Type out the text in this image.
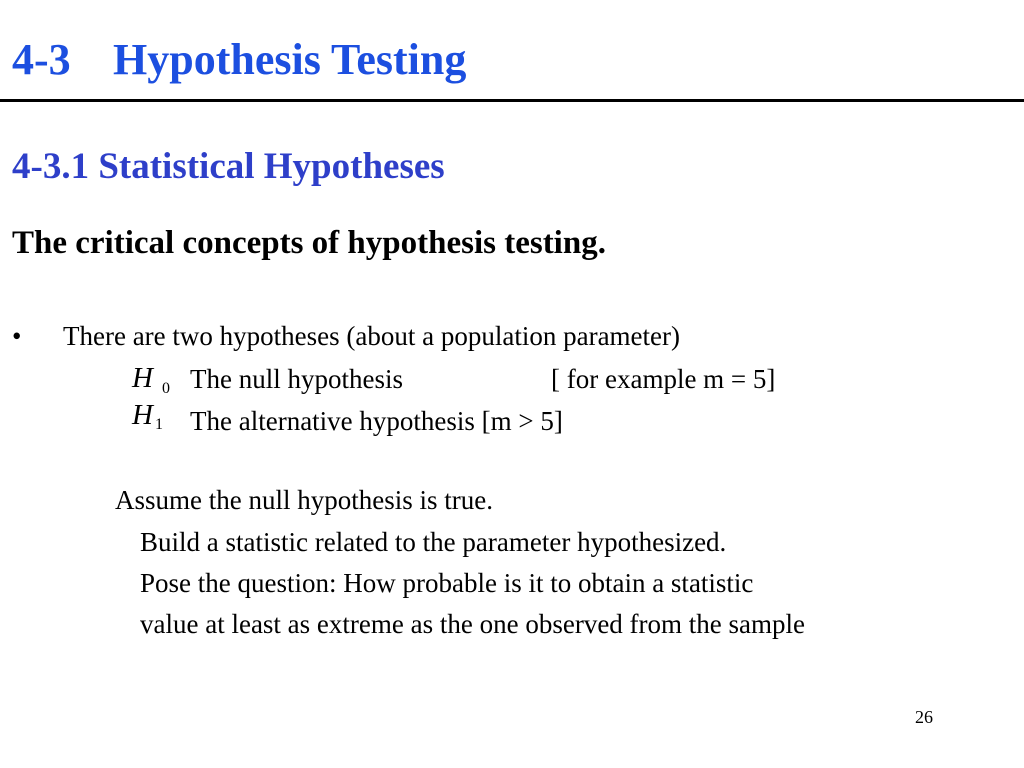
4-3 Hypothesis Testing
4-3.1 Statistical Hypotheses
The critical concepts of hypothesis testing.
• There are two hypotheses (about a population parameter)
H 0 The null hypothesis	[ for example m = 5]
H 1 The alternative hypothesis [m > 5]
Assume the null hypothesis is true.
Build a statistic related to the parameter hypothesized.
Pose the question: How probable is it to obtain a statistic
value at least as extreme as the one observed from the sample
26
